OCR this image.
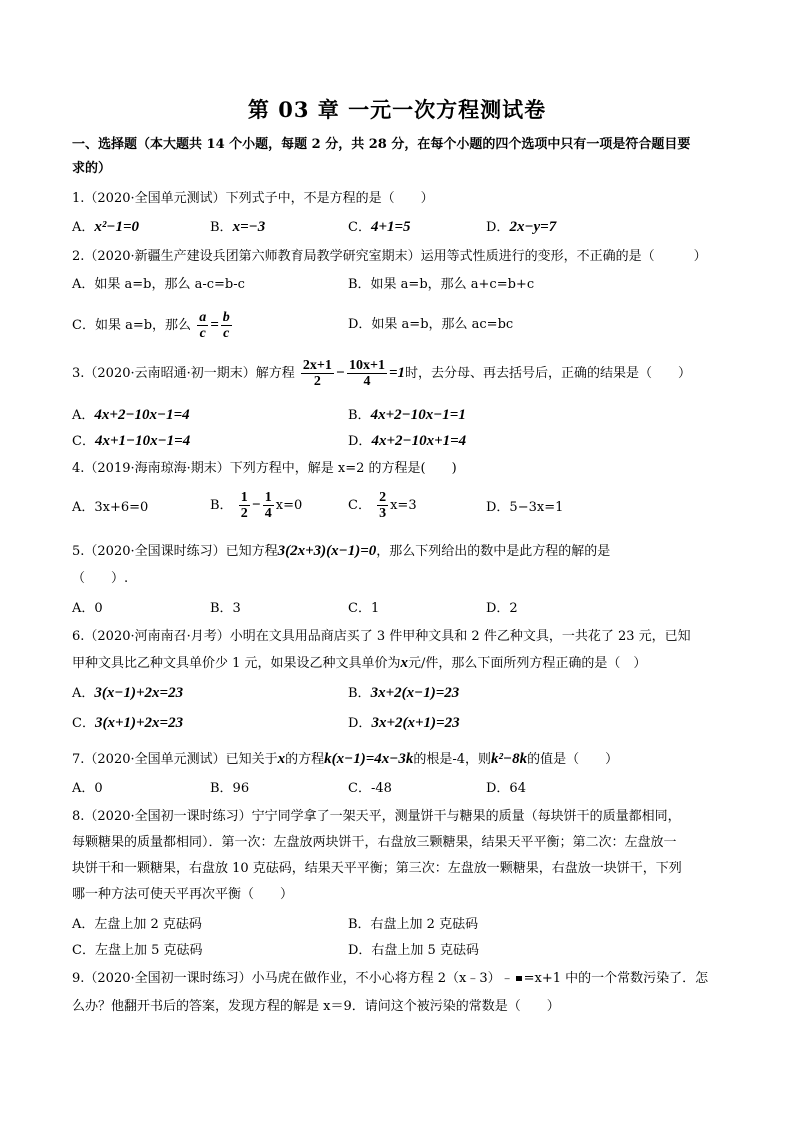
第 03 章 一元一次方程测试卷
一、选择题（本大题共 14 个小题，每题 2 分，共 28 分，在每个小题的四个选项中只有一项是符合题目要
求的）
1.（2020·全国单元测试）下列式子中，不是方程的是（　　）
A．x²−1=0	B．x=−3	C．4+1=5	D．2x−y=7
2.（2020·新疆生产建设兵团第六师教育局教学研究室期末）运用等式性质进行的变形，不正确的是（　　　）
A．如果 a=b，那么 a-c=b-c	B．如果 a=b，那么 a+c=b+c
C．如果 a=b，那么 $\frac{a}{c} = \frac{b}{c}$	D．如果 a=b，那么 ac=bc
3.（2020·云南昭通·初一期末）解方程 $\frac{2x+1}{2} - \frac{10x+1}{4} =1$时，去分母、再去括号后，正确的结果是（　　）
A．4x+2−10x−1=4	B．4x+2−10x−1=1
C．4x+1−10x−1=4	D．4x+2−10x+1=4
4.（2019·海南琼海·期末）下列方程中，解是 x=2 的方程是(　　)
A．3x+6=0	B． $\frac{1}{2} - \frac{1}{4} x=0$	C． $\frac{2}{3} x=3$	D．5−3x=1
5.（2020·全国课时练习）已知方程3(2x+3)(x−1)=0，那么下列给出的数中是此方程的解的是
（　　）.
A．0	B．3	C．1	D．2
6.（2020·河南南召·月考）小明在文具用品商店买了 3 件甲种文具和 2 件乙种文具，一共花了 23 元，已知
甲种文具比乙种文具单价少 1 元，如果设乙种文具单价为x元/件，那么下面所列方程正确的是（　）
A．3(x−1)+2x=23	B．3x+2(x−1)=23
C．3(x+1)+2x=23	D．3x+2(x+1)=23
7.（2020·全国单元测试）已知关于x的方程k(x−1)=4x−3k的根是-4，则k²−8k的值是（　　）
A．0	B．96	C．-48	D．64
8.（2020·全国初一课时练习）宁宁同学拿了一架天平，测量饼干与糖果的质量（每块饼干的质量都相同，
每颗糖果的质量都相同）．第一次：左盘放两块饼干，右盘放三颗糖果，结果天平平衡；第二次：左盘放一
块饼干和一颗糖果，右盘放 10 克砝码，结果天平平衡；第三次：左盘放一颗糖果，右盘放一块饼干，下列
哪一种方法可使天平再次平衡（　　）
A．左盘上加 2 克砝码	B．右盘上加 2 克砝码
C．左盘上加 5 克砝码	D．右盘上加 5 克砝码
9.（2020·全国初一课时练习）小马虎在做作业，不小心将方程 2（x﹣3）﹣ =x+1 中的一个常数污染了．怎
么办？他翻开书后的答案，发现方程的解是 x＝9．请问这个被污染的常数是（　　）
